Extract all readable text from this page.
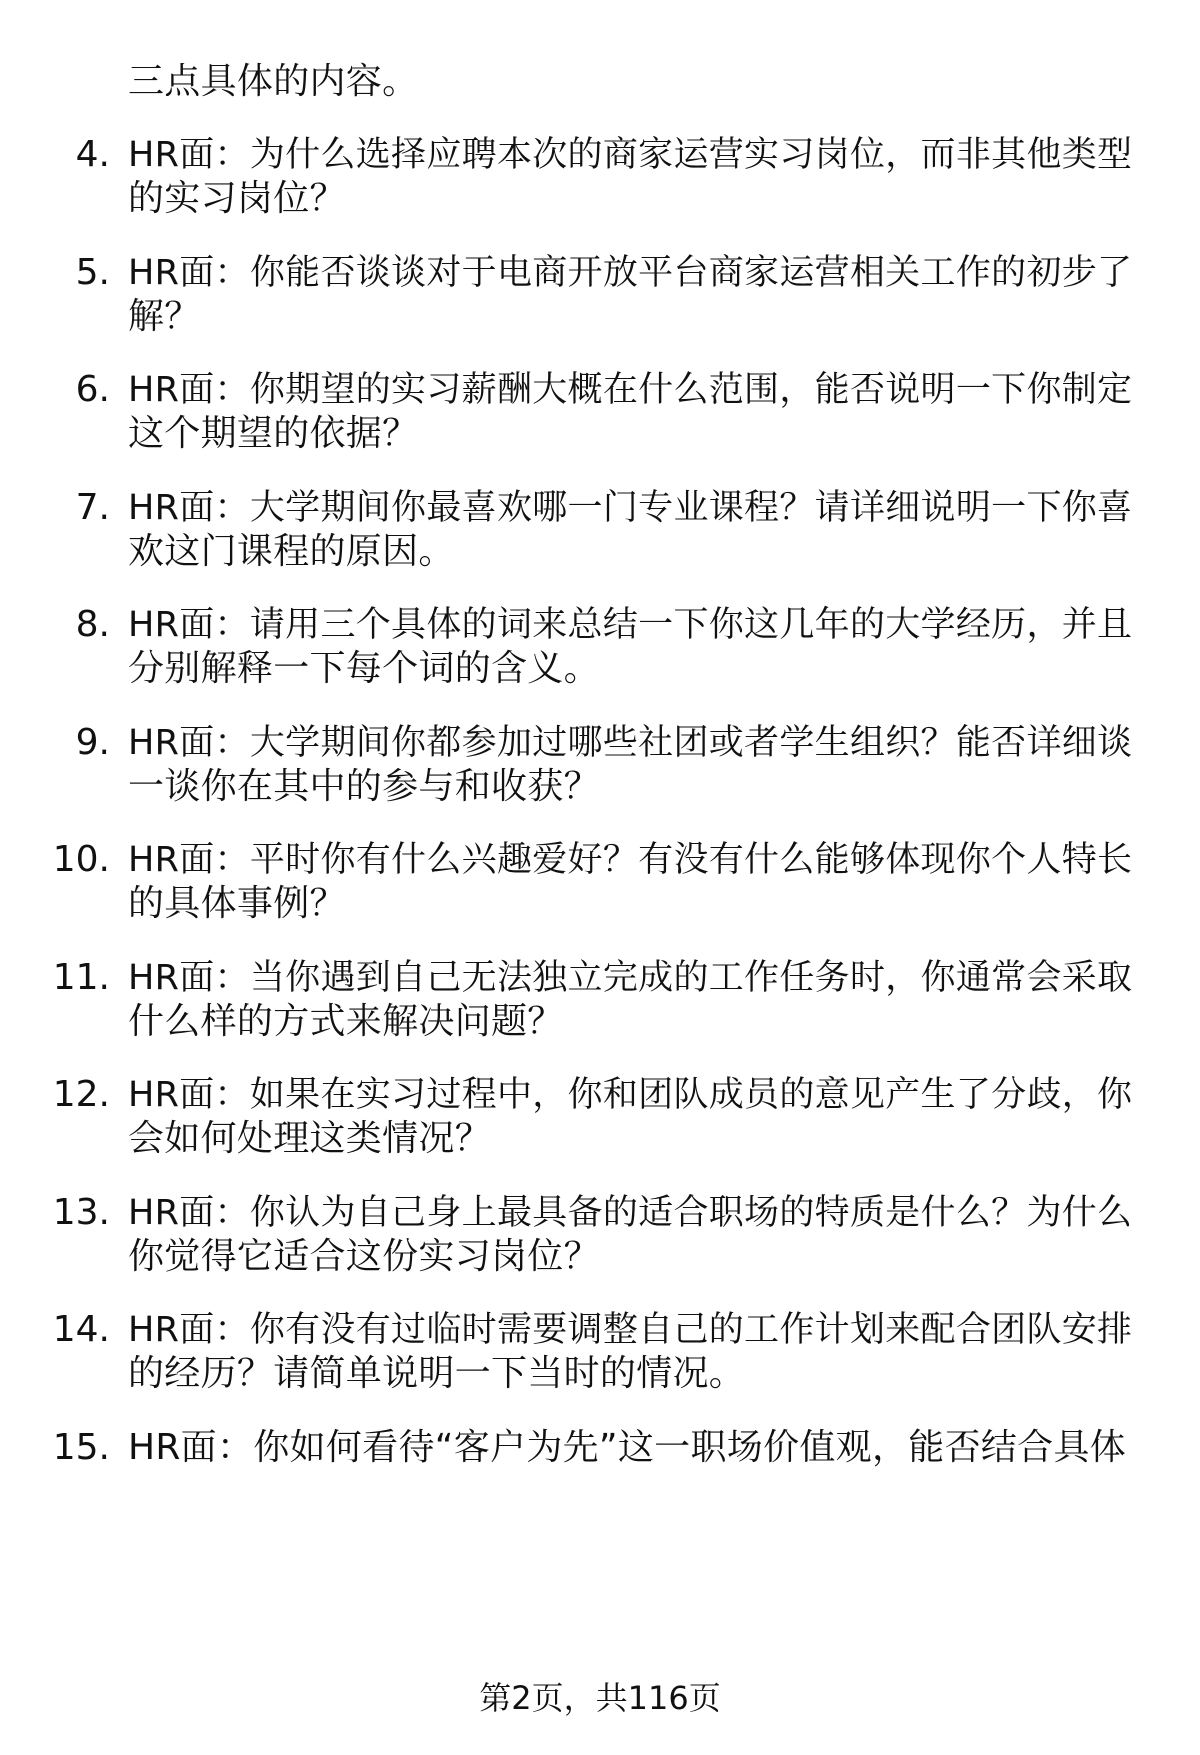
三点具体的内容。
4. HR面：为什么选择应聘本次的商家运营实习岗位，而非其他类型
的实习岗位？
5. HR面：你能否谈谈对于电商开放平台商家运营相关工作的初步了
解？
6. HR面：你期望的实习薪酬大概在什么范围，能否说明一下你制定
这个期望的依据？
7. HR面：大学期间你最喜欢哪一门专业课程？请详细说明一下你喜
欢这门课程的原因。
8. HR面：请用三个具体的词来总结一下你这几年的大学经历，并且
分别解释一下每个词的含义。
9. HR面：大学期间你都参加过哪些社团或者学生组织？能否详细谈
一谈你在其中的参与和收获？
10. HR面：平时你有什么兴趣爱好？有没有什么能够体现你个人特长
的具体事例？
11. HR面：当你遇到自己无法独立完成的工作任务时，你通常会采取
什么样的方式来解决问题？
12. HR面：如果在实习过程中，你和团队成员的意见产生了分歧，你
会如何处理这类情况？
13. HR面：你认为自己身上最具备的适合职场的特质是什么？为什么
你觉得它适合这份实习岗位？
14. HR面：你有没有过临时需要调整自己的工作计划来配合团队安排
的经历？请简单说明一下当时的情况。
15. HR面：你如何看待“客户为先”这一职场价值观，能否结合具体
第2页，共116页
